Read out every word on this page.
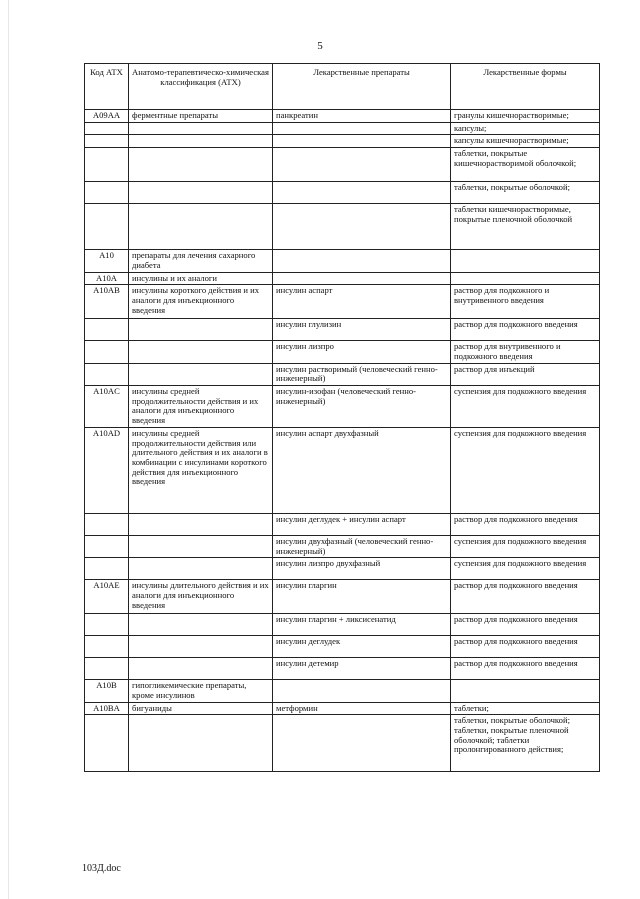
5
Код АТХ	Анатомо-терапевтическо-химическая классификация (АТХ)	Лекарственные препараты	Лекарственные формы
A09AA	ферментные препараты	панкреатин	гранулы кишечнорастворимые;
			капсулы;
			капсулы кишечнорастворимые;
			таблетки, покрытые кишечнорастворимой оболочкой;
			таблетки, покрытые оболочкой;
			таблетки кишечнорастворимые, покрытые пленочной оболочкой
A10	препараты для лечения сахарного диабета		
A10A	инсулины и их аналоги		
A10AB	инсулины короткого действия и их аналоги для инъекционного введения	инсулин аспарт	раствор для подкожного и внутривенного введения
		инсулин глулизин	раствор для подкожного введения
		инсулин лизпро	раствор для внутривенного и подкожного введения
		инсулин растворимый (человеческий генно-инженерный)	раствор для инъекций
A10AC	инсулины средней продолжительности действия и их аналоги для инъекционного введения	инсулин-изофан (человеческий генно-инженерный)	суспензия для подкожного введения
A10AD	инсулины средней продолжительности действия или длительного действия и их аналоги в комбинации с инсулинами короткого действия для инъекционного введения	инсулин аспарт двухфазный	суспензия для подкожного введения
		инсулин деглудек + инсулин аспарт	раствор для подкожного введения
		инсулин двухфазный (человеческий генно-инженерный)	суспензия для подкожного введения
		инсулин лизпро двухфазный	суспензия для подкожного введения
A10AE	инсулины длительного действия и их аналоги для инъекционного введения	инсулин гларгин	раствор для подкожного введения
		инсулин гларгин + ликсисенатид	раствор для подкожного введения
		инсулин деглудек	раствор для подкожного введения
		инсулин детемир	раствор для подкожного введения
A10B	гипогликемические препараты, кроме инсулинов		
A10BA	бигуаниды	метформин	таблетки;
			таблетки, покрытые оболочкой; таблетки, покрытые пленочной оболочкой; таблетки пролонгированного действия;
103Д.doc
